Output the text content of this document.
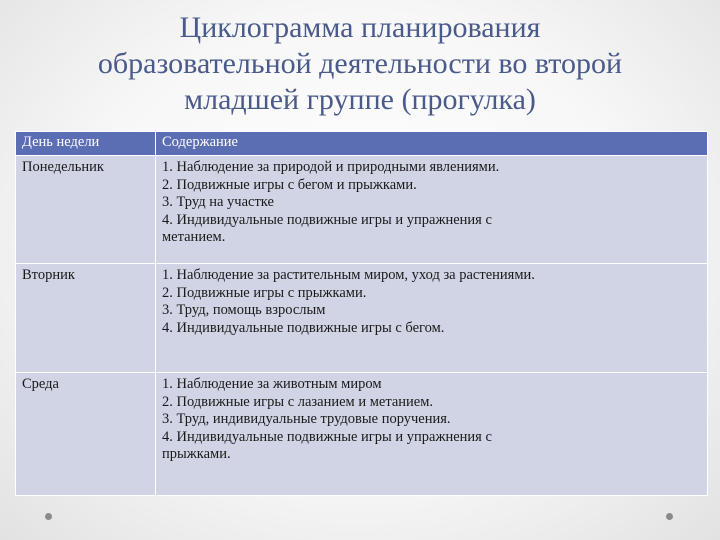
Циклограмма планирования
образовательной деятельности во второй
младшей группе (прогулка)
День недели	Содержание
Понедельник	1. Наблюдение за природой и природными явлениями.
2. Подвижные игры с бегом и прыжками.
3. Труд на участке
4. Индивидуальные подвижные игры и упражнения с
метанием.

Вторник	1. Наблюдение за растительным миром, уход за растениями.
2. Подвижные игры с прыжками.
3. Труд, помощь взрослым
4. Индивидуальные подвижные игры с бегом.

Среда	1. Наблюдение за животным миром
2. Подвижные игры с лазанием и метанием.
3. Труд, индивидуальные трудовые поручения.
4. Индивидуальные подвижные игры и упражнения с
прыжками.
